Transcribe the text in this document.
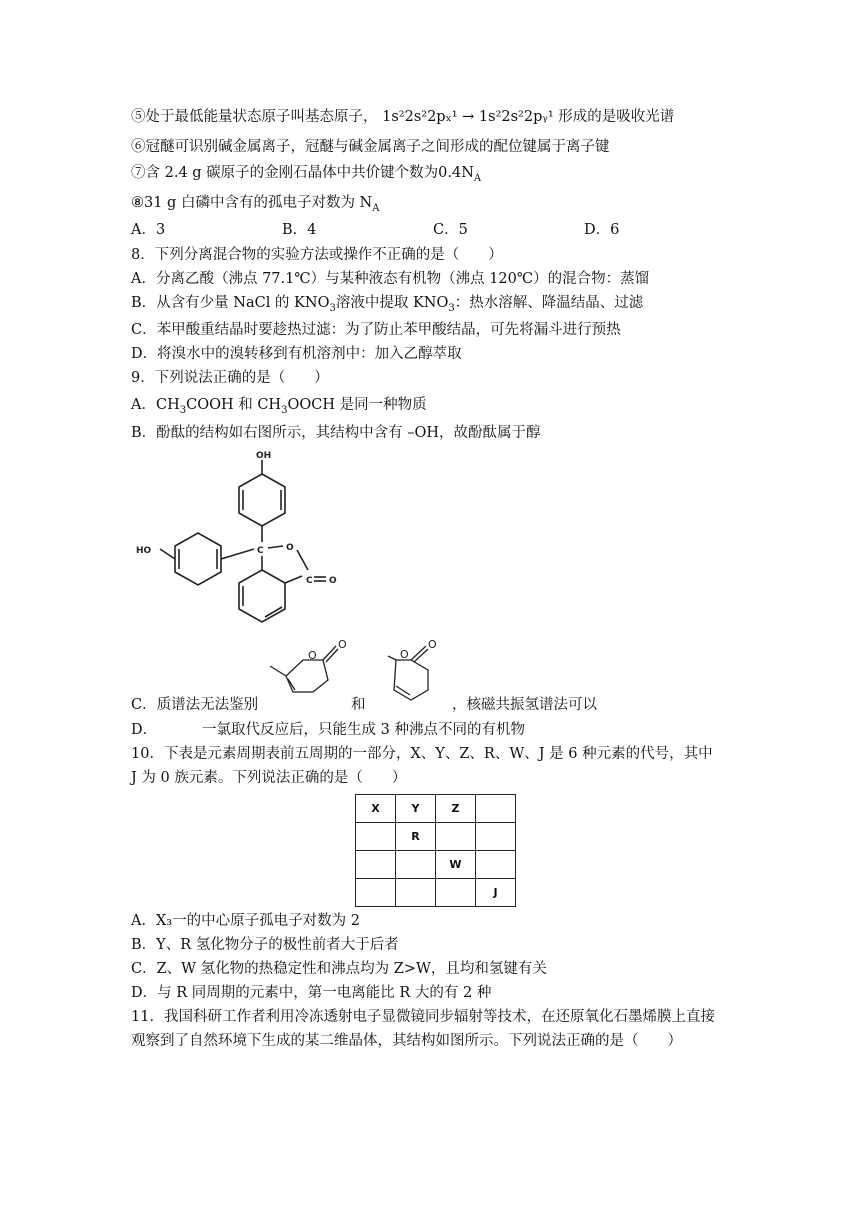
⑤处于最低能量状态原子叫基态原子， 1s²2s²2pₓ¹ → 1s²2s²2pᵧ¹ 形成的是吸收光谱
⑥冠醚可识别碱金属离子，冠醚与碱金属离子之间形成的配位键属于离子键
⑦含 2.4 g 碳原子的金刚石晶体中共价键个数为$0.4N_A$
⑧31 g 白磷中含有的孤电子对数为 $N_A$
A．3	B．4	C．5	D．6
8．下列分离混合物的实验方法或操作不正确的是（　　）
A．分离乙酸（沸点 77.1℃）与某种液态有机物（沸点 120℃）的混合物：蒸馏
B．从含有少量 NaCl 的 $KNO_3$溶液中提取 $KNO_3$：热水溶解、降温结晶、过滤
C．苯甲酸重结晶时要趁热过滤：为了防止苯甲酸结晶，可先将漏斗进行预热
D．将溴水中的溴转移到有机溶剂中：加入乙醇萃取
9．下列说法正确的是（　　）
A．$CH_3COOH$ 和 $CH_3OOCH$ 是同一种物质
B．酚酞的结构如右图所示，其结构中含有 –OH，故酚酞属于醇
OH
HO	C O
C O
O
O
O
O
C．质谱法无法鉴别	和	，核磁共振氢谱法可以
D．	一氯取代反应后，只能生成 3 种沸点不同的有机物
10．下表是元素周期表前五周期的一部分，X、Y、Z、R、W、J 是 6 种元素的代号，其中
J 为 0 族元素。下列说法正确的是（　　）
X	Y	Z	
	R		
		W	
			J
A．X₃一的中心原子孤电子对数为 2
B．Y、R 氢化物分子的极性前者大于后者
C．Z、W 氢化物的热稳定性和沸点均为 Z>W，且均和氢键有关
D．与 R 同周期的元素中，第一电离能比 R 大的有 2 种
11．我国科研工作者利用冷冻透射电子显微镜同步辐射等技术，在还原氧化石墨烯膜上直接
观察到了自然环境下生成的某二维晶体，其结构如图所示。下列说法正确的是（　　）
